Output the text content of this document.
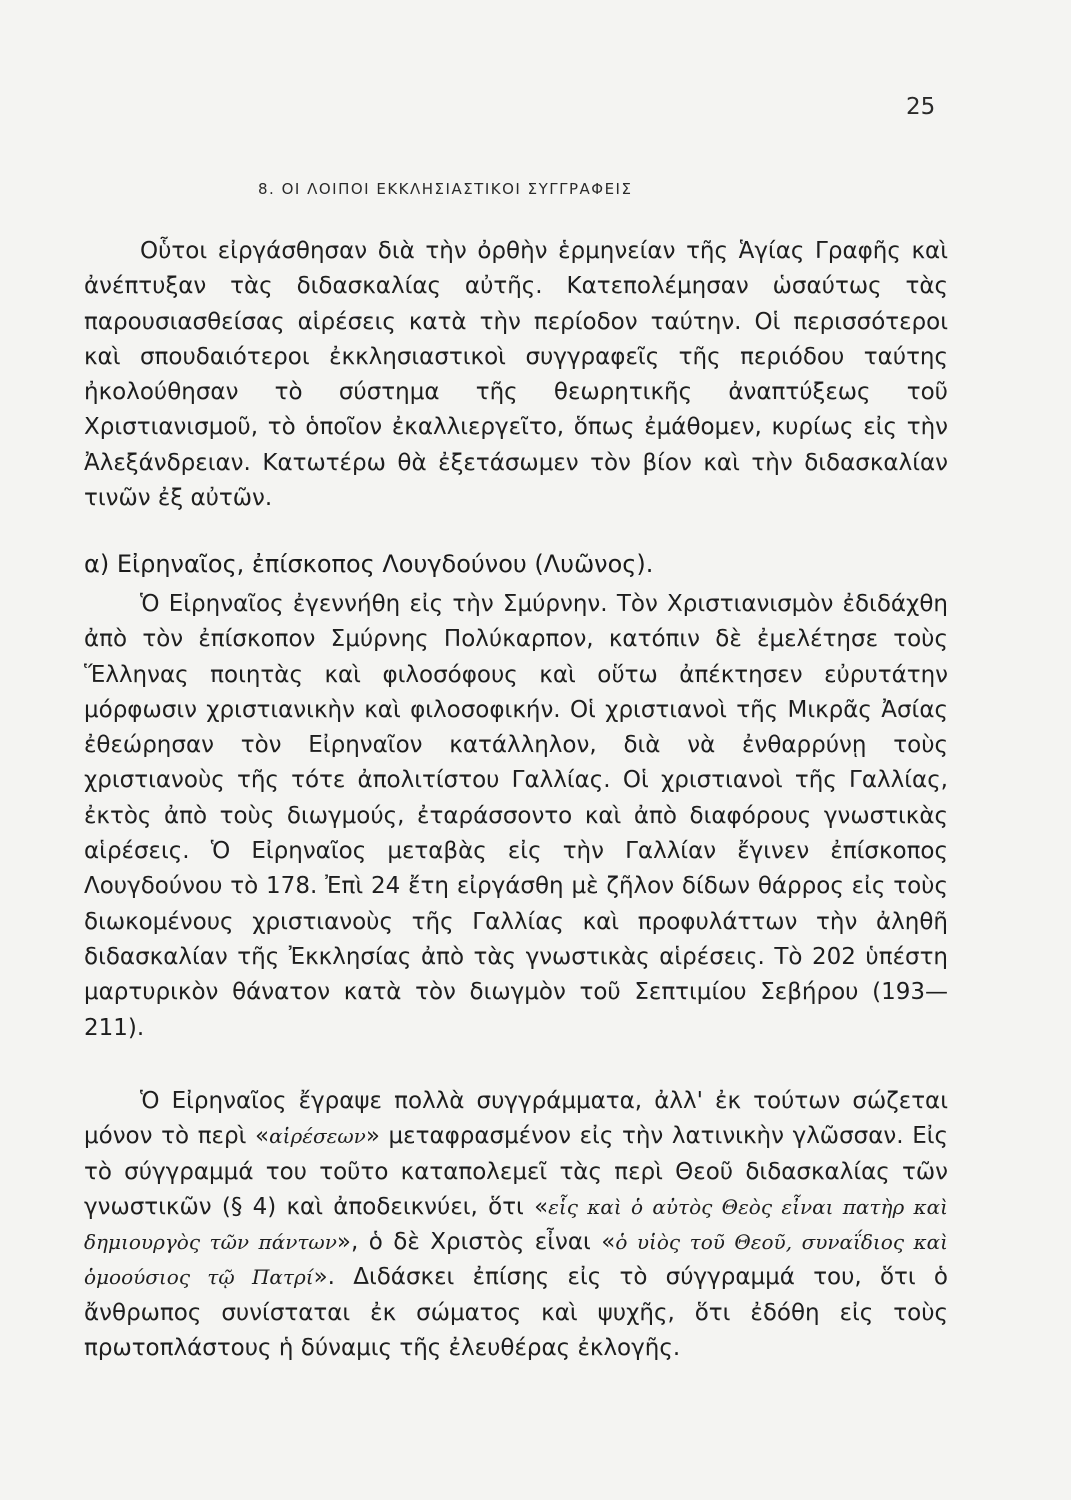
25
8. ΟΙ ΛΟΙΠΟΙ ΕΚΚΛΗΣΙΑΣΤΙΚΟΙ ΣΥΓΓΡΑΦΕΙΣ

Οὗτοι εἰργάσθησαν διὰ τὴν ὀρθὴν ἑρμηνείαν τῆς Ἁγίας Γραφῆς καὶ ἀνέπτυξαν τὰς διδασκαλίας αὐτῆς. Κατεπολέμησαν ὡσαύτως τὰς παρουσιασθείσας αἱρέσεις κατὰ τὴν περίοδον ταύτην. Οἱ περισσότεροι καὶ σπουδαιότεροι ἐκκλησιαστικοὶ συγγραφεῖς τῆς περιόδου ταύτης ἠκολούθησαν τὸ σύστημα τῆς θεωρητικῆς ἀναπτύξεως τοῦ Χριστιανισμοῦ, τὸ ὁποῖον ἐκαλλιεργεῖτο, ὅπως ἐμάθομεν, κυρίως εἰς τὴν Ἀλεξάνδρειαν. Κατωτέρω θὰ ἐξετάσωμεν τὸν βίον καὶ τὴν διδασκαλίαν τινῶν ἐξ αὐτῶν.

α) Εἰρηναῖος, ἐπίσκοπος Λουγδούνου (Λυῶνος).

Ὁ Εἰρηναῖος ἐγεννήθη εἰς τὴν Σμύρνην. Τὸν Χριστιανισμὸν ἐδιδάχθη ἀπὸ τὸν ἐπίσκοπον Σμύρνης Πολύκαρπον, κατόπιν δὲ ἐμελέτησε τοὺς Ἕλληνας ποιητὰς καὶ φιλοσόφους καὶ οὕτω ἀπέκτησεν εὐρυτάτην μόρφωσιν χριστιανικὴν καὶ φιλοσοφικήν. Οἱ χριστιανοὶ τῆς Μικρᾶς Ἀσίας ἐθεώρησαν τὸν Εἰρηναῖον κατάλληλον, διὰ νὰ ἐνθαρρύνῃ τοὺς χριστιανοὺς τῆς τότε ἀπολιτίστου Γαλλίας. Οἱ χριστιανοὶ τῆς Γαλλίας, ἐκτὸς ἀπὸ τοὺς διωγμούς, ἐταράσσοντο καὶ ἀπὸ διαφόρους γνωστικὰς αἱρέσεις. Ὁ Εἰρηναῖος μεταβὰς εἰς τὴν Γαλλίαν ἔγινεν ἐπίσκοπος Λουγδούνου τὸ 178. Ἐπὶ 24 ἔτη εἰργάσθη μὲ ζῆλον δίδων θάρρος εἰς τοὺς διωκομένους χριστιανοὺς τῆς Γαλλίας καὶ προφυλάττων τὴν ἀληθῆ διδασκαλίαν τῆς Ἐκκλησίας ἀπὸ τὰς γνωστικὰς αἱρέσεις. Τὸ 202 ὑπέστη μαρτυρικὸν θάνατον κατὰ τὸν διωγμὸν τοῦ Σεπτιμίου Σεβήρου (193—211).

Ὁ Εἰρηναῖος ἔγραψε πολλὰ συγγράμματα, ἀλλ' ἐκ τούτων σώζεται μόνον τὸ περὶ «αἱρέσεων» μεταφρασμένον εἰς τὴν λατινικὴν γλῶσσαν. Εἰς τὸ σύγγραμμά του τοῦτο καταπολεμεῖ τὰς περὶ Θεοῦ διδασκαλίας τῶν γνωστικῶν (§ 4) καὶ ἀποδεικνύει, ὅτι «εἷς καὶ ὁ αὐτὸς Θεὸς εἶναι πατὴρ καὶ δημιουργὸς τῶν πάντων», ὁ δὲ Χριστὸς εἶναι «ὁ υἱὸς τοῦ Θεοῦ, συναΐδιος καὶ ὁμοούσιος τῷ Πατρί». Διδάσκει ἐπίσης εἰς τὸ σύγγραμμά του, ὅτι ὁ ἄνθρωπος συνίσταται ἐκ σώματος καὶ ψυχῆς, ὅτι ἐδόθη εἰς τοὺς πρωτοπλάστους ἡ δύναμις τῆς ἐλευθέρας ἐκλογῆς.
